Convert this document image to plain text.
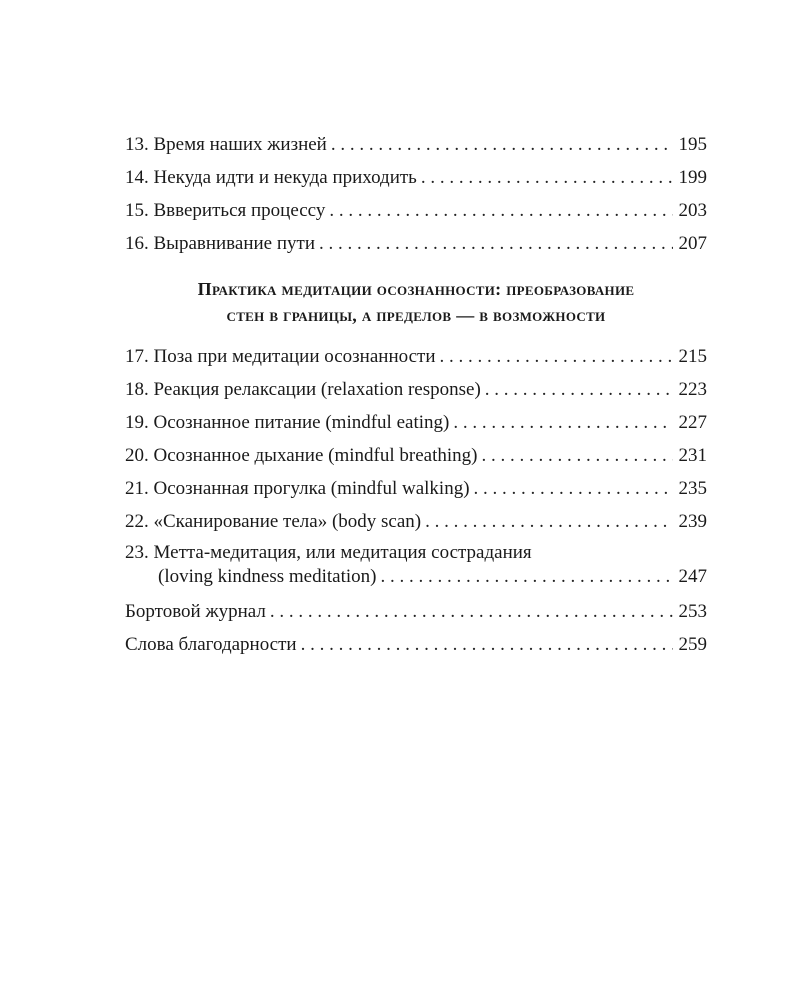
13. Время наших жизней . . .	195
14. Некуда идти и некуда приходить . . .	199
15. Вввериться процессу . . .	203
16. Выравнивание пути . . .	207
Практика медитации осознанности: преобразование
стен в границы, а пределов — в возможности
17. Поза при медитации осознанности . . .	215
18. Реакция релаксации (relaxation response) . . .	223
19. Осознанное питание (mindful eating) . . .	227
20. Осознанное дыхание (mindful breathing) . . .	231
21. Осознанная прогулка (mindful walking) . . .	235
22. «Сканирование тела» (body scan) . . .	239
23. Метта-медитация, или медитация сострадания
(loving kindness meditation) . . .	247
Бортовой журнал . . .	253
Слова благодарности . . .	259
